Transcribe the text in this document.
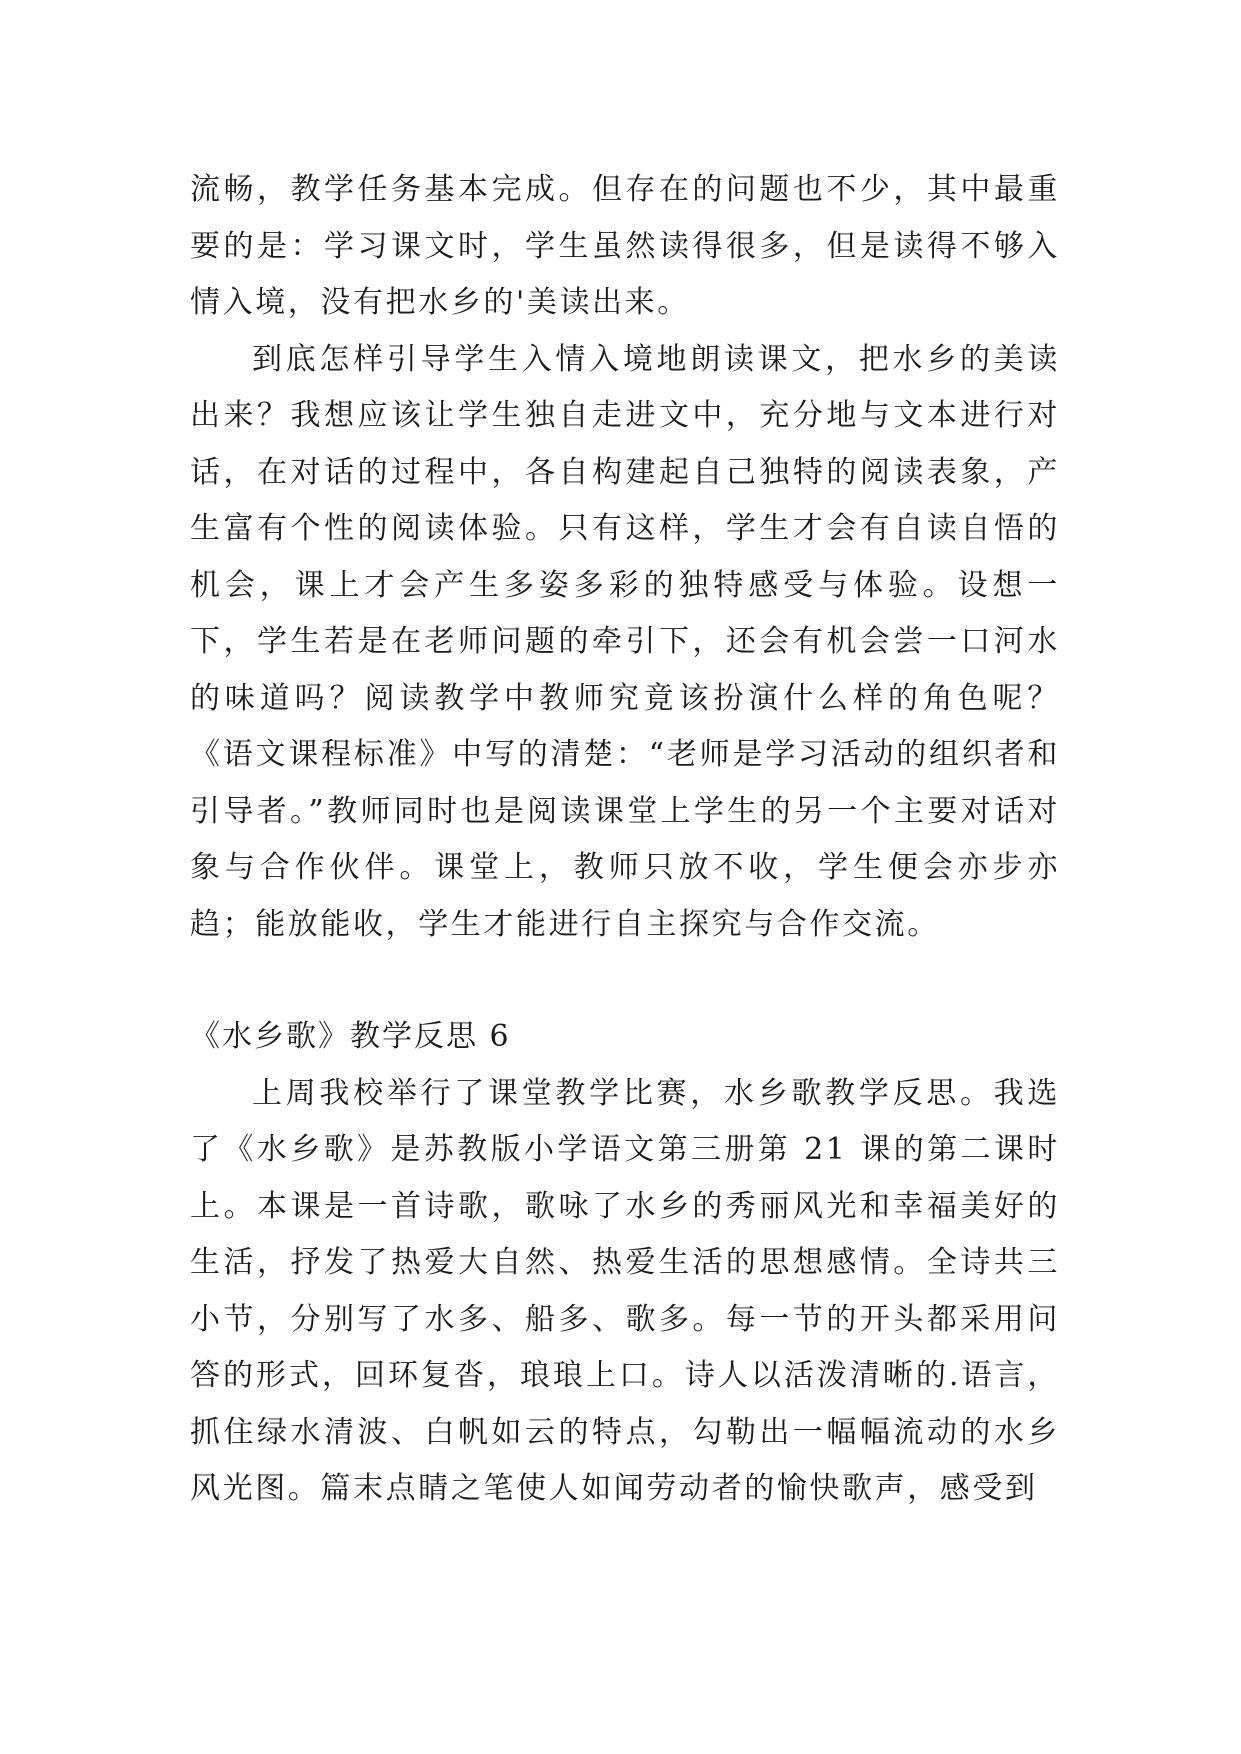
流畅，教学任务基本完成。但存在的问题也不少，其中最重要的是：学习课文时，学生虽然读得很多，但是读得不够入情入境，没有把水乡的'美读出来。

到底怎样引导学生入情入境地朗读课文，把水乡的美读出来？我想应该让学生独自走进文中，充分地与文本进行对话，在对话的过程中，各自构建起自己独特的阅读表象，产生富有个性的阅读体验。只有这样，学生才会有自读自悟的机会，课上才会产生多姿多彩的独特感受与体验。设想一下，学生若是在老师问题的牵引下，还会有机会尝一口河水的味道吗？阅读教学中教师究竟该扮演什么样的角色呢？《语文课程标准》中写的清楚：“老师是学习活动的组织者和引导者。”教师同时也是阅读课堂上学生的另一个主要对话对象与合作伙伴。课堂上，教师只放不收，学生便会亦步亦趋；能放能收，学生才能进行自主探究与合作交流。

《水乡歌》教学反思 6

上周我校举行了课堂教学比赛，水乡歌教学反思。我选了《水乡歌》是苏教版小学语文第三册第 21 课的第二课时上。本课是一首诗歌，歌咏了水乡的秀丽风光和幸福美好的生活，抒发了热爱大自然、热爱生活的思想感情。全诗共三小节，分别写了水多、船多、歌多。每一节的开头都采用问答的形式，回环复沓，琅琅上口。诗人以活泼清晰的.语言，抓住绿水清波、白帆如云的特点，勾勒出一幅幅流动的水乡风光图。篇末点睛之笔使人如闻劳动者的愉快歌声，感受到
